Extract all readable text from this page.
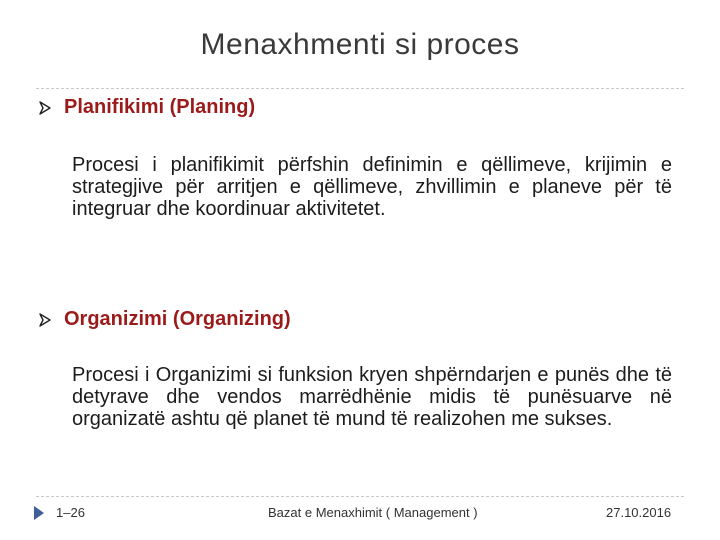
Menaxhmenti si proces
Planifikimi (Planing)
Procesi i planifikimit përfshin definimin e qëllimeve, krijimin e strategjive për arritjen e qëllimeve, zhvillimin e planeve për të integruar dhe koordinuar aktivitetet.
Organizimi (Organizing)
Procesi i Organizimi si funksion kryen shpërndarjen e punës dhe të detyrave dhe vendos marrëdhënie midis të punësuarve në organizatë ashtu që planet të mund të realizohen me sukses.
1–26	Bazat e Menaxhimit ( Management )	27.10.2016
